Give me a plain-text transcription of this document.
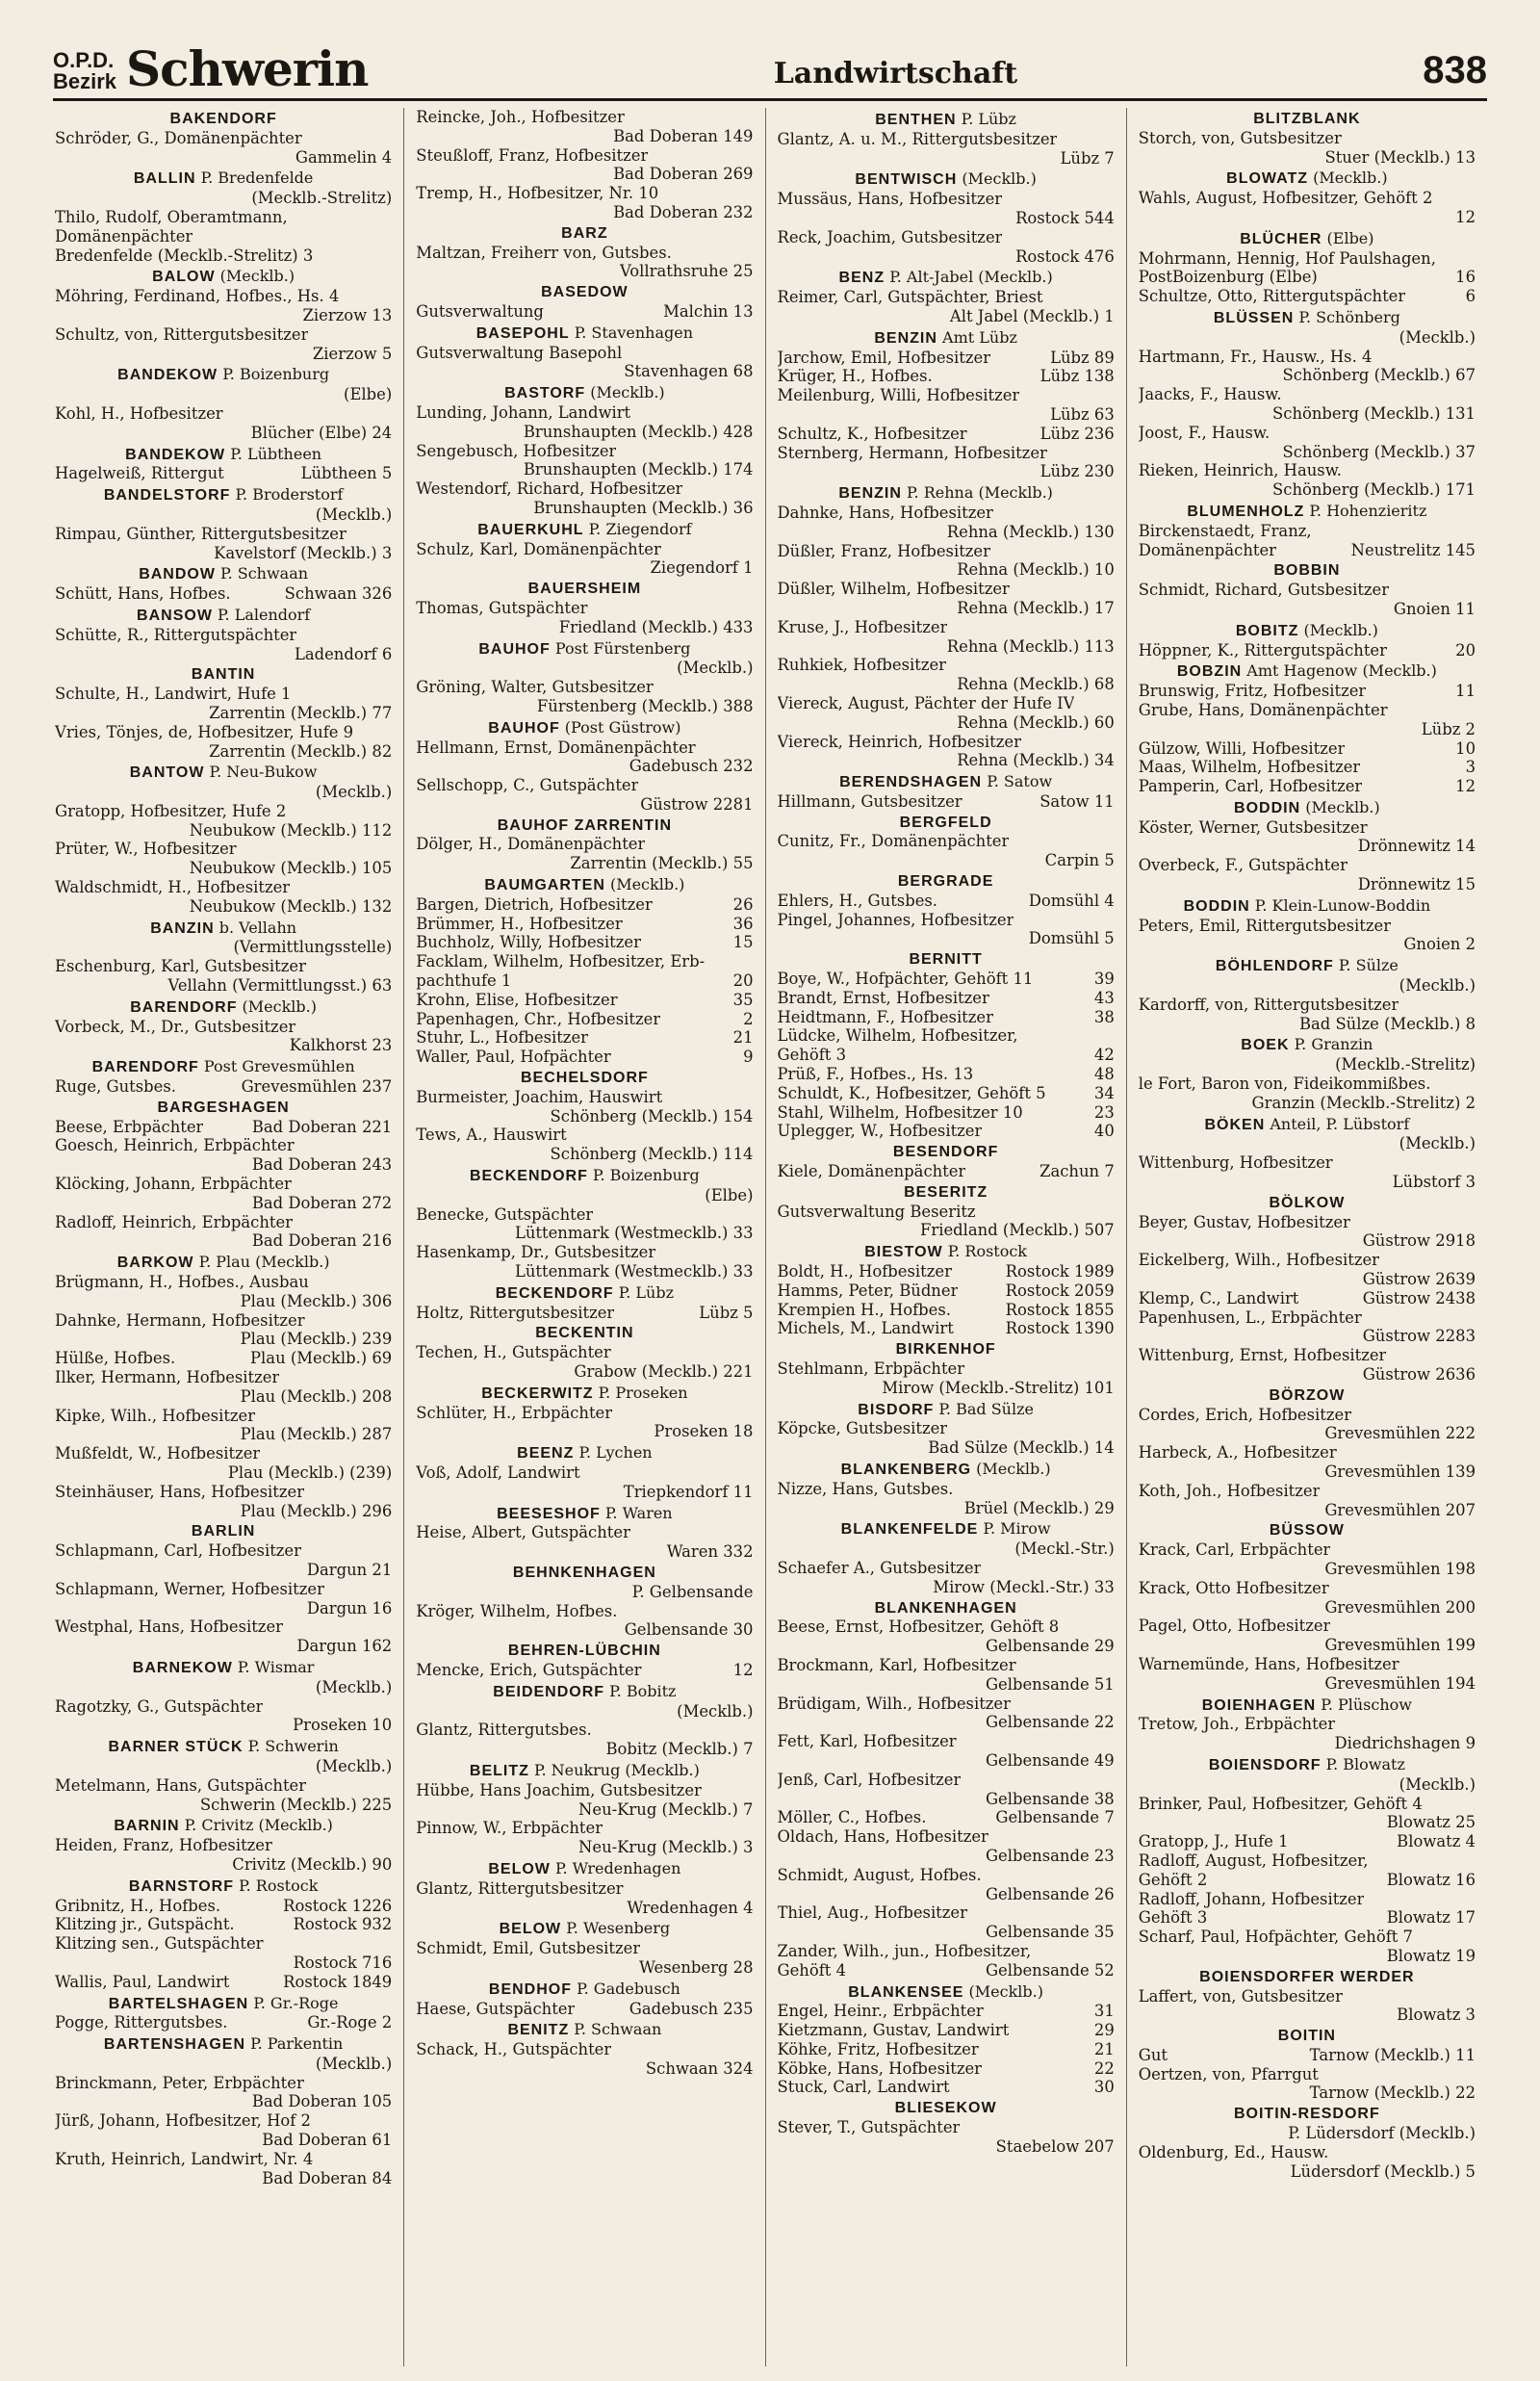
O.P.D.
Bezirk Schwerin	Landwirtschaft	838
BAKENDORF
Schröder, G., Domänenpächter
Gammelin 4
BALLIN P. Bredenfelde
(Mecklb.-Strelitz)
Thilo, Rudolf, Oberamtmann,
Domänenpächter
Bredenfelde (Mecklb.-Strelitz) 3
BALOW (Mecklb.)
Möhring, Ferdinand, Hofbes., Hs. 4
Zierzow 13
Schultz, von, Rittergutsbesitzer
Zierzow 5
BANDEKOW P. Boizenburg
(Elbe)
Kohl, H., Hofbesitzer
Blücher (Elbe) 24
BANDEKOW P. Lübtheen
Hagelweiß, Rittergut	Lübtheen 5
BANDELSTORF P. Broderstorf
(Mecklb.)
Rimpau, Günther, Rittergutsbesitzer
Kavelstorf (Mecklb.) 3
BANDOW P. Schwaan
Schütt, Hans, Hofbes.	Schwaan 326
BANSOW P. Lalendorf
Schütte, R., Rittergutspächter
Ladendorf 6
BANTIN
Schulte, H., Landwirt, Hufe 1
Zarrentin (Mecklb.) 77
Vries, Tönjes, de, Hofbesitzer, Hufe 9
Zarrentin (Mecklb.) 82
BANTOW P. Neu-Bukow
(Mecklb.)
Gratopp, Hofbesitzer, Hufe 2
Neubukow (Mecklb.) 112
Prüter, W., Hofbesitzer
Neubukow (Mecklb.) 105
Waldschmidt, H., Hofbesitzer
Neubukow (Mecklb.) 132
BANZIN b. Vellahn
(Vermittlungsstelle)
Eschenburg, Karl, Gutsbesitzer
Vellahn (Vermittlungsst.) 63
BARENDORF (Mecklb.)
Vorbeck, M., Dr., Gutsbesitzer
Kalkhorst 23
BARENDORF Post Grevesmühlen
Ruge, Gutsbes.	Grevesmühlen 237
BARGESHAGEN
Beese, Erbpächter	Bad Doberan 221
Goesch, Heinrich, Erbpächter
Bad Doberan 243
Klöcking, Johann, Erbpächter
Bad Doberan 272
Radloff, Heinrich, Erbpächter
Bad Doberan 216
BARKOW P. Plau (Mecklb.)
Brügmann, H., Hofbes., Ausbau
Plau (Mecklb.) 306
Dahnke, Hermann, Hofbesitzer
Plau (Mecklb.) 239
Hülße, Hofbes.	Plau (Mecklb.) 69
Ilker, Hermann, Hofbesitzer
Plau (Mecklb.) 208
Kipke, Wilh., Hofbesitzer
Plau (Mecklb.) 287
Mußfeldt, W., Hofbesitzer
Plau (Mecklb.) (239)
Steinhäuser, Hans, Hofbesitzer
Plau (Mecklb.) 296
BARLIN
Schlapmann, Carl, Hofbesitzer
Dargun 21
Schlapmann, Werner, Hofbesitzer
Dargun 16
Westphal, Hans, Hofbesitzer
Dargun 162
BARNEKOW P. Wismar
(Mecklb.)
Ragotzky, G., Gutspächter
Proseken 10
BARNER STÜCK P. Schwerin
(Mecklb.)
Metelmann, Hans, Gutspächter
Schwerin (Mecklb.) 225
BARNIN P. Crivitz (Mecklb.)
Heiden, Franz, Hofbesitzer
Crivitz (Mecklb.) 90
BARNSTORF P. Rostock
Gribnitz, H., Hofbes.	Rostock 1226
Klitzing jr., Gutspächt.	Rostock 932
Klitzing sen., Gutspächter
Rostock 716
Wallis, Paul, Landwirt	Rostock 1849
BARTELSHAGEN P. Gr.-Roge
Pogge, Rittergutsbes.	Gr.-Roge 2
BARTENSHAGEN P. Parkentin
(Mecklb.)
Brinckmann, Peter, Erbpächter
Bad Doberan 105
Jürß, Johann, Hofbesitzer, Hof 2
Bad Doberan 61
Kruth, Heinrich, Landwirt, Nr. 4
Bad Doberan 84
Reincke, Joh., Hofbesitzer
Bad Doberan 149
Steußloff, Franz, Hofbesitzer
Bad Doberan 269
Tremp, H., Hofbesitzer, Nr. 10
Bad Doberan 232
BARZ
Maltzan, Freiherr von, Gutsbes.
Vollrathsruhe 25
BASEDOW
Gutsverwaltung	Malchin 13
BASEPOHL P. Stavenhagen
Gutsverwaltung Basepohl
Stavenhagen 68
BASTORF (Mecklb.)
Lunding, Johann, Landwirt
Brunshaupten (Mecklb.) 428
Sengebusch, Hofbesitzer
Brunshaupten (Mecklb.) 174
Westendorf, Richard, Hofbesitzer
Brunshaupten (Mecklb.) 36
BAUERKUHL P. Ziegendorf
Schulz, Karl, Domänenpächter
Ziegendorf 1
BAUERSHEIM
Thomas, Gutspächter
Friedland (Mecklb.) 433
BAUHOF Post Fürstenberg
(Mecklb.)
Gröning, Walter, Gutsbesitzer
Fürstenberg (Mecklb.) 388
BAUHOF (Post Güstrow)
Hellmann, Ernst, Domänenpächter
Gadebusch 232
Sellschopp, C., Gutspächter
Güstrow 2281
BAUHOF ZARRENTIN
Dölger, H., Domänenpächter
Zarrentin (Mecklb.) 55
BAUMGARTEN (Mecklb.)
Bargen, Dietrich, Hofbesitzer	26
Brümmer, H., Hofbesitzer	36
Buchholz, Willy, Hofbesitzer	15
Facklam, Wilhelm, Hofbesitzer, Erb-
pachthufe 1	20
Krohn, Elise, Hofbesitzer	35
Papenhagen, Chr., Hofbesitzer	2
Stuhr, L., Hofbesitzer	21
Waller, Paul, Hofpächter	9
BECHELSDORF
Burmeister, Joachim, Hauswirt
Schönberg (Mecklb.) 154
Tews, A., Hauswirt
Schönberg (Mecklb.) 114
BECKENDORF P. Boizenburg
(Elbe)
Benecke, Gutspächter
Lüttenmark (Westmecklb.) 33
Hasenkamp, Dr., Gutsbesitzer
Lüttenmark (Westmecklb.) 33
BECKENDORF P. Lübz
Holtz, Rittergutsbesitzer	Lübz 5
BECKENTIN
Techen, H., Gutspächter
Grabow (Mecklb.) 221
BECKERWITZ P. Proseken
Schlüter, H., Erbpächter
Proseken 18
BEENZ P. Lychen
Voß, Adolf, Landwirt
Triepkendorf 11
BEESESHOF P. Waren
Heise, Albert, Gutspächter
Waren 332
BEHNKENHAGEN
P. Gelbensande
Kröger, Wilhelm, Hofbes.
Gelbensande 30
BEHREN-LÜBCHIN
Mencke, Erich, Gutspächter	12
BEIDENDORF P. Bobitz
(Mecklb.)
Glantz, Rittergutsbes.
Bobitz (Mecklb.) 7
BELITZ P. Neukrug (Mecklb.)
Hübbe, Hans Joachim, Gutsbesitzer
Neu-Krug (Mecklb.) 7
Pinnow, W., Erbpächter
Neu-Krug (Mecklb.) 3
BELOW P. Wredenhagen
Glantz, Rittergutsbesitzer
Wredenhagen 4
BELOW P. Wesenberg
Schmidt, Emil, Gutsbesitzer
Wesenberg 28
BENDHOF P. Gadebusch
Haese, Gutspächter	Gadebusch 235
BENITZ P. Schwaan
Schack, H., Gutspächter
Schwaan 324
BENTHEN P. Lübz
Glantz, A. u. M., Rittergutsbesitzer
Lübz 7
BENTWISCH (Mecklb.)
Mussäus, Hans, Hofbesitzer
Rostock 544
Reck, Joachim, Gutsbesitzer
Rostock 476
BENZ P. Alt-Jabel (Mecklb.)
Reimer, Carl, Gutspächter, Briest
Alt Jabel (Mecklb.) 1
BENZIN Amt Lübz
Jarchow, Emil, Hofbesitzer	Lübz 89
Krüger, H., Hofbes.	Lübz 138
Meilenburg, Willi, Hofbesitzer
Lübz 63
Schultz, K., Hofbesitzer	Lübz 236
Sternberg, Hermann, Hofbesitzer
Lübz 230
BENZIN P. Rehna (Mecklb.)
Dahnke, Hans, Hofbesitzer
Rehna (Mecklb.) 130
Düßler, Franz, Hofbesitzer
Rehna (Mecklb.) 10
Düßler, Wilhelm, Hofbesitzer
Rehna (Mecklb.) 17
Kruse, J., Hofbesitzer
Rehna (Mecklb.) 113
Ruhkiek, Hofbesitzer
Rehna (Mecklb.) 68
Viereck, August, Pächter der Hufe IV
Rehna (Mecklb.) 60
Viereck, Heinrich, Hofbesitzer
Rehna (Mecklb.) 34
BERENDSHAGEN P. Satow
Hillmann, Gutsbesitzer	Satow 11
BERGFELD
Cunitz, Fr., Domänenpächter
Carpin 5
BERGRADE
Ehlers, H., Gutsbes.	Domsühl 4
Pingel, Johannes, Hofbesitzer
Domsühl 5
BERNITT
Boye, W., Hofpächter, Gehöft 11	39
Brandt, Ernst, Hofbesitzer	43
Heidtmann, F., Hofbesitzer	38
Lüdcke, Wilhelm, Hofbesitzer,
Gehöft 3	42
Prüß, F., Hofbes., Hs. 13	48
Schuldt, K., Hofbesitzer, Gehöft 5	34
Stahl, Wilhelm, Hofbesitzer 10	23
Uplegger, W., Hofbesitzer	40
BESENDORF
Kiele, Domänenpächter	Zachun 7
BESERITZ
Gutsverwaltung Beseritz
Friedland (Mecklb.) 507
BIESTOW P. Rostock
Boldt, H., Hofbesitzer	Rostock 1989
Hamms, Peter, Büdner	Rostock 2059
Krempien H., Hofbes.	Rostock 1855
Michels, M., Landwirt	Rostock 1390
BIRKENHOF
Stehlmann, Erbpächter
Mirow (Mecklb.-Strelitz) 101
BISDORF P. Bad Sülze
Köpcke, Gutsbesitzer
Bad Sülze (Mecklb.) 14
BLANKENBERG (Mecklb.)
Nizze, Hans, Gutsbes.
Brüel (Mecklb.) 29
BLANKENFELDE P. Mirow
(Meckl.-Str.)
Schaefer A., Gutsbesitzer
Mirow (Meckl.-Str.) 33
BLANKENHAGEN
Beese, Ernst, Hofbesitzer, Gehöft 8
Gelbensande 29
Brockmann, Karl, Hofbesitzer
Gelbensande 51
Brüdigam, Wilh., Hofbesitzer
Gelbensande 22
Fett, Karl, Hofbesitzer
Gelbensande 49
Jenß, Carl, Hofbesitzer
Gelbensande 38
Möller, C., Hofbes.	Gelbensande 7
Oldach, Hans, Hofbesitzer
Gelbensande 23
Schmidt, August, Hofbes.
Gelbensande 26
Thiel, Aug., Hofbesitzer
Gelbensande 35
Zander, Wilh., jun., Hofbesitzer,
Gehöft 4	Gelbensande 52
BLANKENSEE (Mecklb.)
Engel, Heinr., Erbpächter	31
Kietzmann, Gustav, Landwirt	29
Köhke, Fritz, Hofbesitzer	21
Köbke, Hans, Hofbesitzer	22
Stuck, Carl, Landwirt	30
BLIESEKOW
Stever, T., Gutspächter
Staebelow 207
BLITZBLANK
Storch, von, Gutsbesitzer
Stuer (Mecklb.) 13
BLOWATZ (Mecklb.)
Wahls, August, Hofbesitzer, Gehöft 2
12
BLÜCHER (Elbe)
Mohrmann, Hennig, Hof Paulshagen,
PostBoizenburg (Elbe)	16
Schultze, Otto, Rittergutspächter	6
BLÜSSEN P. Schönberg
(Mecklb.)
Hartmann, Fr., Hausw., Hs. 4
Schönberg (Mecklb.) 67
Jaacks, F., Hausw.
Schönberg (Mecklb.) 131
Joost, F., Hausw.
Schönberg (Mecklb.) 37
Rieken, Heinrich, Hausw.
Schönberg (Mecklb.) 171
BLUMENHOLZ P. Hohenzieritz
Birckenstaedt, Franz,
Domänenpächter	Neustrelitz 145
BOBBIN
Schmidt, Richard, Gutsbesitzer
Gnoien 11
BOBITZ (Mecklb.)
Höppner, K., Rittergutspächter	20
BOBZIN Amt Hagenow (Mecklb.)
Brunswig, Fritz, Hofbesitzer	11
Grube, Hans, Domänenpächter
Lübz 2
Gülzow, Willi, Hofbesitzer	10
Maas, Wilhelm, Hofbesitzer	3
Pamperin, Carl, Hofbesitzer	12
BODDIN (Mecklb.)
Köster, Werner, Gutsbesitzer
Drönnewitz 14
Overbeck, F., Gutspächter
Drönnewitz 15
BODDIN P. Klein-Lunow-Boddin
Peters, Emil, Rittergutsbesitzer
Gnoien 2
BÖHLENDORF P. Sülze
(Mecklb.)
Kardorff, von, Rittergutsbesitzer
Bad Sülze (Mecklb.) 8
BOEK P. Granzin
(Mecklb.-Strelitz)
le Fort, Baron von, Fideikommißbes.
Granzin (Mecklb.-Strelitz) 2
BÖKEN Anteil, P. Lübstorf
(Mecklb.)
Wittenburg, Hofbesitzer
Lübstorf 3
BÖLKOW
Beyer, Gustav, Hofbesitzer
Güstrow 2918
Eickelberg, Wilh., Hofbesitzer
Güstrow 2639
Klemp, C., Landwirt	Güstrow 2438
Papenhusen, L., Erbpächter
Güstrow 2283
Wittenburg, Ernst, Hofbesitzer
Güstrow 2636
BÖRZOW
Cordes, Erich, Hofbesitzer
Grevesmühlen 222
Harbeck, A., Hofbesitzer
Grevesmühlen 139
Koth, Joh., Hofbesitzer
Grevesmühlen 207
BÜSSOW
Krack, Carl, Erbpächter
Grevesmühlen 198
Krack, Otto Hofbesitzer
Grevesmühlen 200
Pagel, Otto, Hofbesitzer
Grevesmühlen 199
Warnemünde, Hans, Hofbesitzer
Grevesmühlen 194
BOIENHAGEN P. Plüschow
Tretow, Joh., Erbpächter
Diedrichshagen 9
BOIENSDORF P. Blowatz
(Mecklb.)
Brinker, Paul, Hofbesitzer, Gehöft 4
Blowatz 25
Gratopp, J., Hufe 1	Blowatz 4
Radloff, August, Hofbesitzer,
Gehöft 2	Blowatz 16
Radloff, Johann, Hofbesitzer
Gehöft 3	Blowatz 17
Scharf, Paul, Hofpächter, Gehöft 7
Blowatz 19
BOIENSDORFER WERDER
Laffert, von, Gutsbesitzer
Blowatz 3
BOITIN
Gut	Tarnow (Mecklb.) 11
Oertzen, von, Pfarrgut
Tarnow (Mecklb.) 22
BOITIN-RESDORF
P. Lüdersdorf (Mecklb.)
Oldenburg, Ed., Hausw.
Lüdersdorf (Mecklb.) 5
